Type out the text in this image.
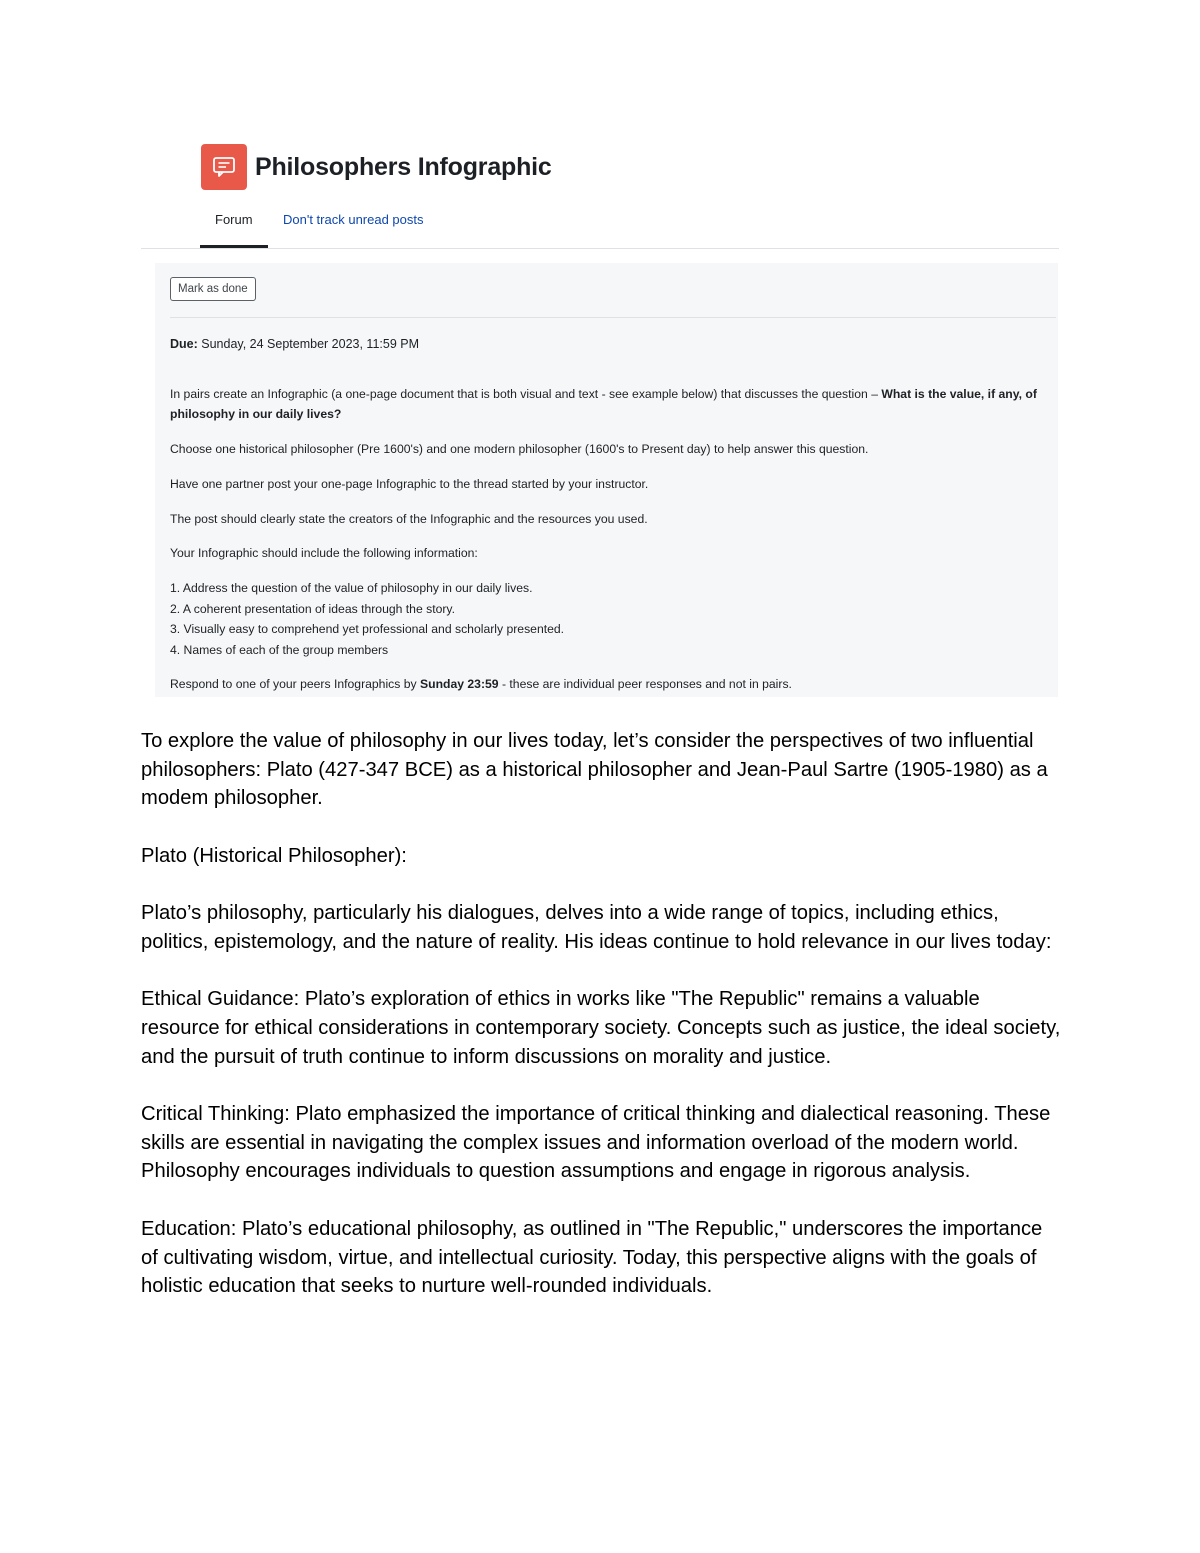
Philosophers Infographic
Forum Don't track unread posts
Mark as done
Due: Sunday, 24 September 2023, 11:59 PM
In pairs create an Infographic (a one-page document that is both visual and text - see example below) that discusses the question – What is the value, if any, of philosophy in our daily lives?
Choose one historical philosopher (Pre 1600's) and one modern philosopher (1600's to Present day) to help answer this question.
Have one partner post your one-page Infographic to the thread started by your instructor.
The post should clearly state the creators of the Infographic and the resources you used.
Your Infographic should include the following information:
1. Address the question of the value of philosophy in our daily lives.
2. A coherent presentation of ideas through the story.
3. Visually easy to comprehend yet professional and scholarly presented.
4. Names of each of the group members
Respond to one of your peers Infographics by Sunday 23:59 - these are individual peer responses and not in pairs.

To explore the value of philosophy in our lives today, let’s consider the perspectives of two influential philosophers: Plato (427-347 BCE) as a historical philosopher and Jean-Paul Sartre (1905-1980) as a modem philosopher.

Plato (Historical Philosopher):

Plato’s philosophy, particularly his dialogues, delves into a wide range of topics, including ethics, politics, epistemology, and the nature of reality. His ideas continue to hold relevance in our lives today:

Ethical Guidance: Plato’s exploration of ethics in works like "The Republic" remains a valuable resource for ethical considerations in contemporary society. Concepts such as justice, the ideal society, and the pursuit of truth continue to inform discussions on morality and justice.

Critical Thinking: Plato emphasized the importance of critical thinking and dialectical reasoning. These skills are essential in navigating the complex issues and information overload of the modern world. Philosophy encourages individuals to question assumptions and engage in rigorous analysis.

Education: Plato’s educational philosophy, as outlined in "The Republic," underscores the importance of cultivating wisdom, virtue, and intellectual curiosity. Today, this perspective aligns with the goals of holistic education that seeks to nurture well-rounded individuals.
